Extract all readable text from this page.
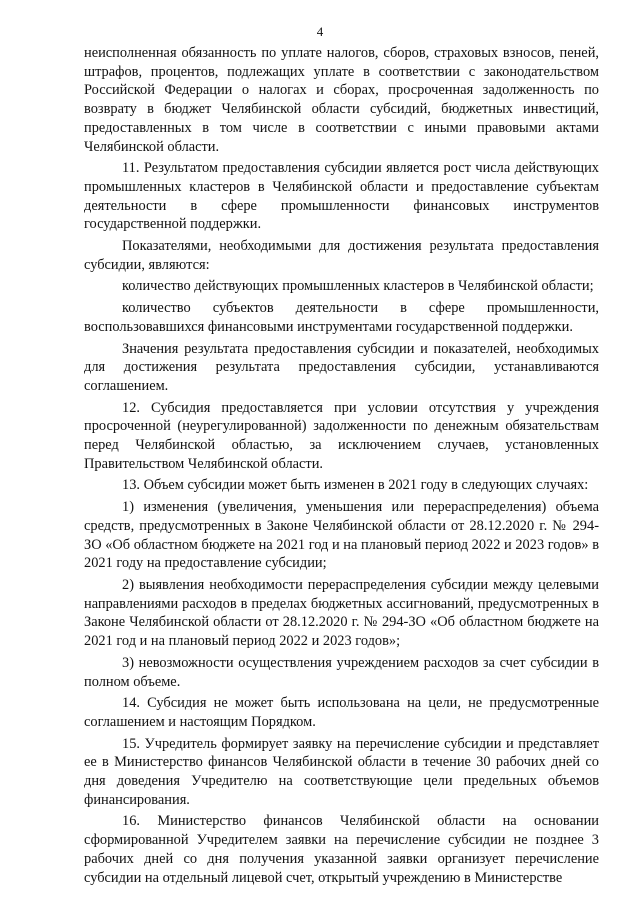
4

неисполненная обязанность по уплате налогов, сборов, страховых взносов, пеней, штрафов, процентов, подлежащих уплате в соответствии с законодательством Российской Федерации о налогах и сборах, просроченная задолженность по возврату в бюджет Челябинской области субсидий, бюджетных инвестиций, предоставленных в том числе в соответствии с иными правовыми актами Челябинской области.

11. Результатом предоставления субсидии является рост числа действующих промышленных кластеров в Челябинской области и предоставление субъектам деятельности в сфере промышленности финансовых инструментов государственной поддержки.

Показателями, необходимыми для достижения результата предоставления субсидии, являются:

количество действующих промышленных кластеров в Челябинской области;

количество субъектов деятельности в сфере промышленности, воспользовавшихся финансовыми инструментами государственной поддержки.

Значения результата предоставления субсидии и показателей, необходимых для достижения результата предоставления субсидии, устанавливаются соглашением.

12. Субсидия предоставляется при условии отсутствия у учреждения просроченной (неурегулированной) задолженности по денежным обязательствам перед Челябинской областью, за исключением случаев, установленных Правительством Челябинской области.

13. Объем субсидии может быть изменен в 2021 году в следующих случаях:

1) изменения (увеличения, уменьшения или перераспределения) объема средств, предусмотренных в Законе Челябинской области от 28.12.2020 г. № 294-ЗО «Об областном бюджете на 2021 год и на плановый период 2022 и 2023 годов» в 2021 году на предоставление субсидии;

2) выявления необходимости перераспределения субсидии между целевыми направлениями расходов в пределах бюджетных ассигнований, предусмотренных в Законе Челябинской области от 28.12.2020 г. № 294-ЗО «Об областном бюджете на 2021 год и на плановый период 2022 и 2023 годов»;

3) невозможности осуществления учреждением расходов за счет субсидии в полном объеме.

14. Субсидия не может быть использована на цели, не предусмотренные соглашением и настоящим Порядком.

15. Учредитель формирует заявку на перечисление субсидии и представляет ее в Министерство финансов Челябинской области в течение 30 рабочих дней со дня доведения Учредителю на соответствующие цели предельных объемов финансирования.

16. Министерство финансов Челябинской области на основании сформированной Учредителем заявки на перечисление субсидии не позднее 3 рабочих дней со дня получения указанной заявки организует перечисление субсидии на отдельный лицевой счет, открытый учреждению в Министерстве
